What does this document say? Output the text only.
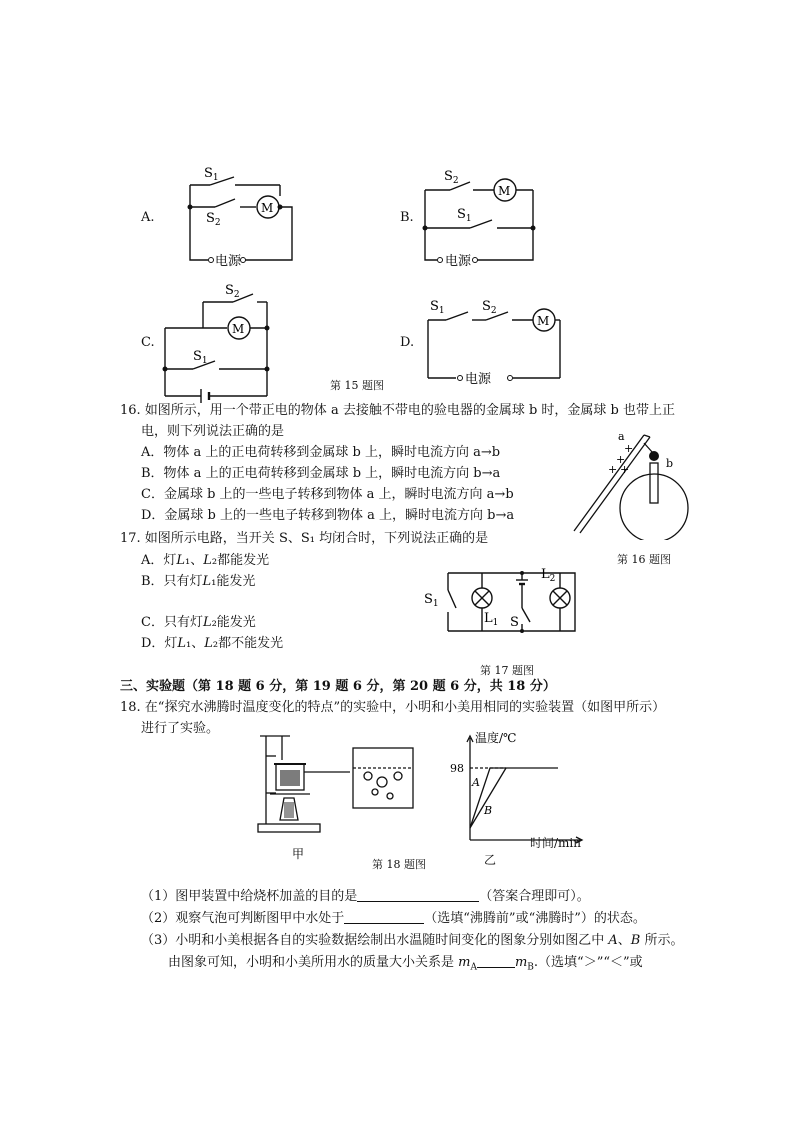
A.
$S_1$
$S_2$
M
电源
B.
$S_2$
$S_1$
M
电源
C.
$S_2$
$S_1$
M
第 15 题图
D.
$S_1$	$S_2$
M
电源
16. 如图所示，用一个带正电的物体 a 去接触不带电的验电器的金属球 b 时，金属球 b 也带上正
电，则下列说法正确的是
A．物体 a 上的正电荷转移到金属球 b 上，瞬时电流方向 a→b
B．物体 a 上的正电荷转移到金属球 b 上，瞬时电流方向 b→a
C．金属球 b 上的一些电子转移到物体 a 上，瞬时电流方向 a→b
D．金属球 b 上的一些电子转移到物体 a 上，瞬时电流方向 b→a
a
b
+
+
+ +
第 16 题图
17. 如图所示电路，当开关 S、S₁ 均闭合时，下列说法正确的是
A．灯𝐿₁、𝐿₂都能发光
B．只有灯𝐿₁能发光
C．只有灯𝐿₂能发光
D．灯𝐿₁、𝐿₂都不能发光
$S_1$
$L_1$ S
$L_2$
第 17 题图
三、实验题（第 18 题 6 分，第 19 题 6 分，第 20 题 6 分，共 18 分）
18. 在“探究水沸腾时温度变化的特点”的实验中，小明和小美用相同的实验装置（如图甲所示）
进行了实验。
甲
温度/℃
98
A
B
时间/min
第 18 题图	乙
（1）图甲装置中给烧杯加盖的目的是	（答案合理即可）。
（2）观察气泡可判断图甲中水处于	（选填“沸腾前”或“沸腾时”）的状态。
（3）小明和小美根据各自的实验数据绘制出水温随时间变化的图象分别如图乙中 𝐴、𝐵 所示。
由图象可知，小明和小美所用水的质量大小关系是 𝑚$_A$	𝑚$_B$.（选填“＞”“＜”或
